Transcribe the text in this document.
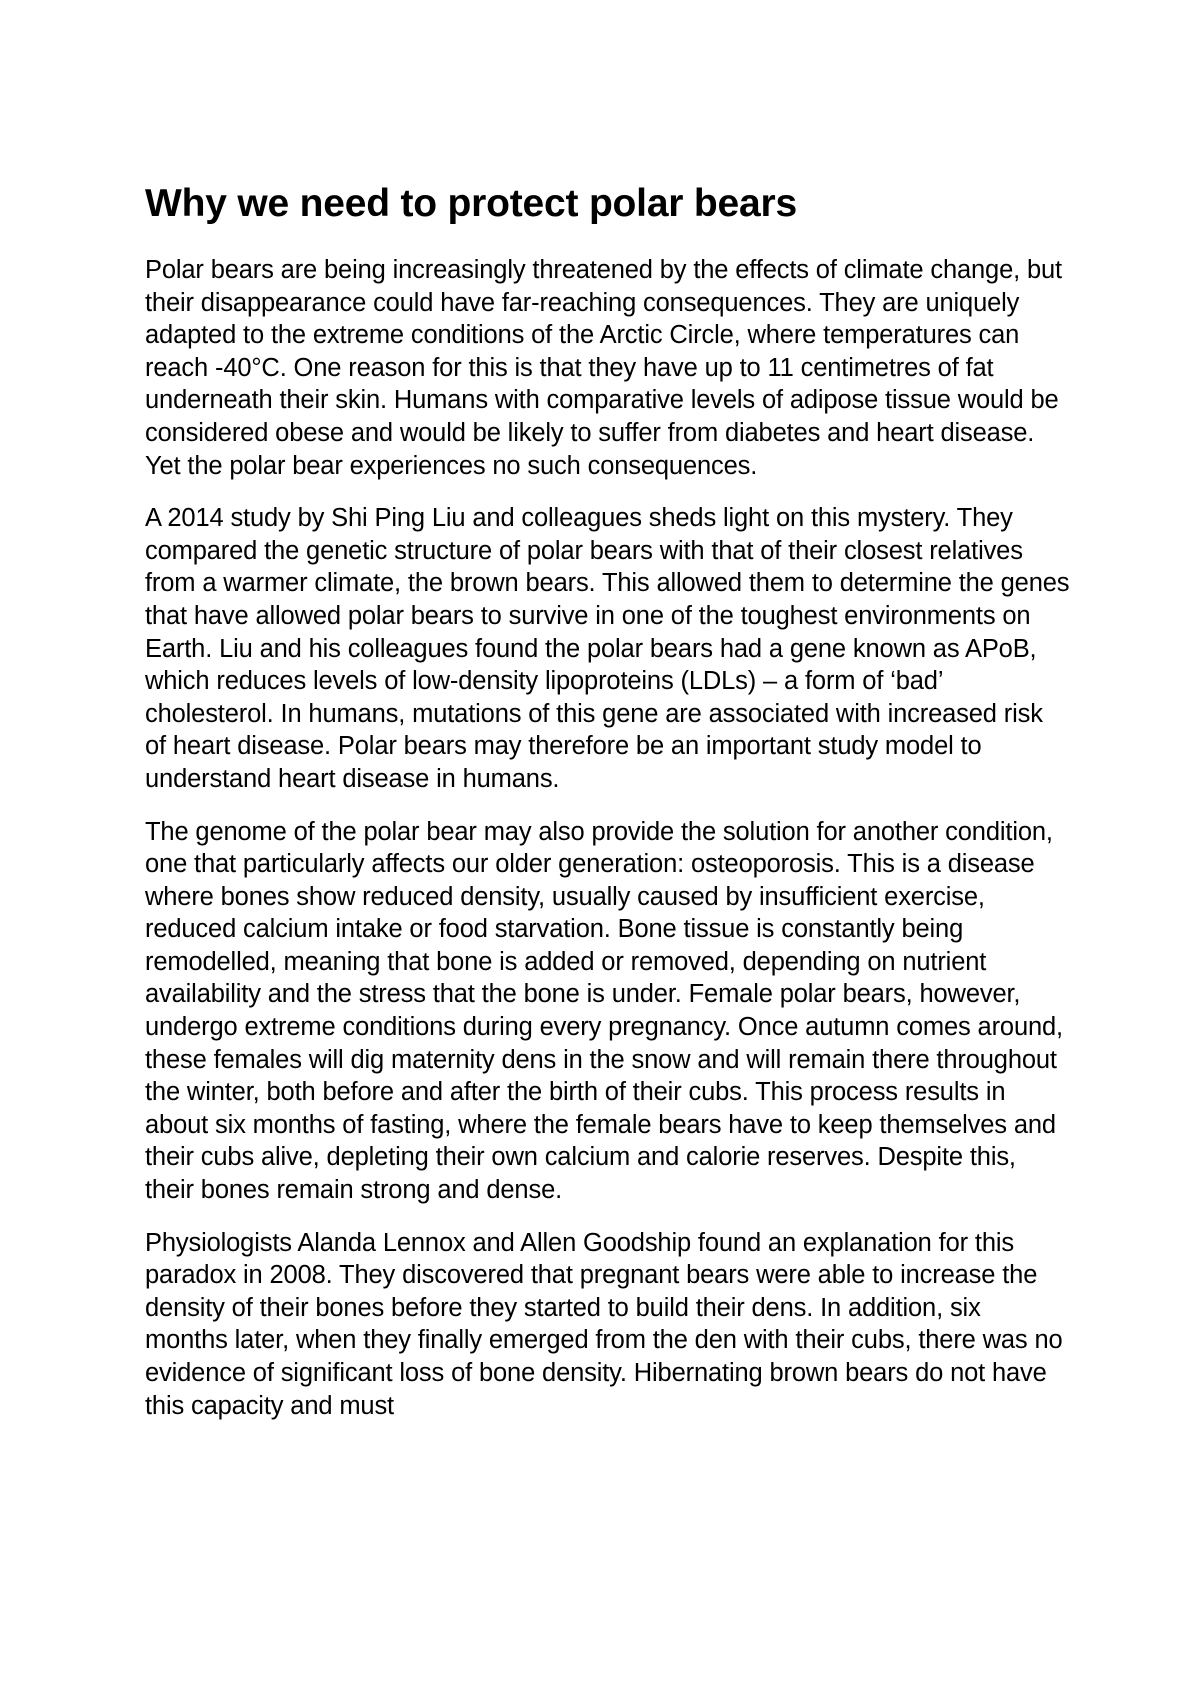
Why we need to protect polar bears

Polar bears are being increasingly threatened by the effects of climate change, but their disappearance could have far-reaching consequences. They are uniquely adapted to the extreme conditions of the Arctic Circle, where temperatures can reach -40°C. One reason for this is that they have up to 11 centimetres of fat underneath their skin. Humans with comparative levels of adipose tissue would be considered obese and would be likely to suffer from diabetes and heart disease. Yet the polar bear experiences no such consequences.

A 2014 study by Shi Ping Liu and colleagues sheds light on this mystery. They compared the genetic structure of polar bears with that of their closest relatives from a warmer climate, the brown bears. This allowed them to determine the genes that have allowed polar bears to survive in one of the toughest environments on Earth. Liu and his colleagues found the polar bears had a gene known as APoB, which reduces levels of low-density lipoproteins (LDLs) – a form of ‘bad’ cholesterol. In humans, mutations of this gene are associated with increased risk of heart disease. Polar bears may therefore be an important study model to understand heart disease in humans.

The genome of the polar bear may also provide the solution for another condition, one that particularly affects our older generation: osteoporosis. This is a disease where bones show reduced density, usually caused by insufficient exercise, reduced calcium intake or food starvation. Bone tissue is constantly being remodelled, meaning that bone is added or removed, depending on nutrient availability and the stress that the bone is under. Female polar bears, however, undergo extreme conditions during every pregnancy. Once autumn comes around, these females will dig maternity dens in the snow and will remain there throughout the winter, both before and after the birth of their cubs. This process results in about six months of fasting, where the female bears have to keep themselves and their cubs alive, depleting their own calcium and calorie reserves. Despite this, their bones remain strong and dense.

Physiologists Alanda Lennox and Allen Goodship found an explanation for this paradox in 2008. They discovered that pregnant bears were able to increase the density of their bones before they started to build their dens. In addition, six months later, when they finally emerged from the den with their cubs, there was no evidence of significant loss of bone density. Hibernating brown bears do not have this capacity and must
